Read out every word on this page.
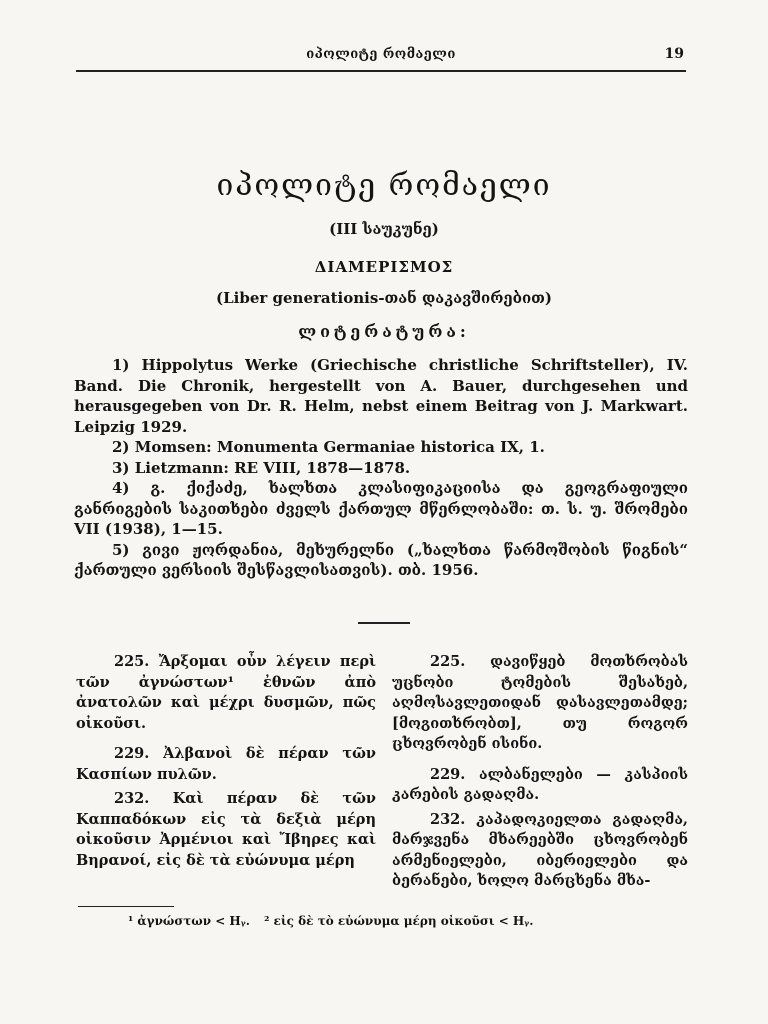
იპოლიტე რომაელი	19
იპოლიტე რომაელი
(III საუკუნე)
ΔΙΑΜΕΡΙΣΜΟΣ
(Liber generationis-თან დაკავშირებით)
ლიტერატურა:

1) Hippolytus Werke (Griechische christliche Schriftsteller), IV. Band. Die Chronik, hergestellt von A. Bauer, durchgesehen und herausgegeben von Dr. R. Helm, nebst einem Beitrag von J. Markwart. Leipzig 1929.

2) Momsen: Monumenta Germaniae historica IX, 1.

3) Lietzmann: RE VIII, 1878—1878.

4) გ. ქიქაძე, ხალხთა კლასიფიკაციისა და გეოგრაფიული განრიგების საკითხები ძველს ქართულ მწერლობაში: თ. ს. უ. შრომები VII (1938), 1—15.

5) გივი ჟორდანია, მეხურელნი („ხალხთა წარმოშობის წიგნის“ ქართული ვერსიის შესწავლისათვის). თბ. 1956.

225. Ἄρξομαι οὖν λέγειν περὶ τῶν ἀγνώστων¹ ἐθνῶν ἀπὸ ἀνατολῶν καὶ μέχρι δυσμῶν, πῶς οἰκοῦσι.

229. Ἀλβανοὶ δὲ πέραν τῶν Κασπίων πυλῶν.

232. Καὶ πέραν δὲ τῶν Καππαδόκων εἰς τὰ δεξιὰ μέρη οἰκοῦσιν Ἀρμένιοι καὶ Ἴβηρες καὶ Βηρανοί, εἰς δὲ τὰ εὐώνυμα μέρη

225. დავიწყებ მოთხრობას უცნობი ტომების შესახებ, აღმოსავლეთიდან დასავლეთამდე; [მოგითხრობთ], თუ როგორ ცხოვრობენ ისინი.

229. ალბანელები — კასპიის კარების გადაღმა.

232. კაპადოკიელთა გადაღმა, მარჯვენა მხარეებში ცხოვრობენ არმენიელები, იბერიელები და ბერანები, ხოლო მარცხენა მხა-

¹ ἀγνώστων < Hᵧ. ² εἰς δὲ τὸ εὐώνυμα μέρη οἰκοῦσι < Hᵧ.
